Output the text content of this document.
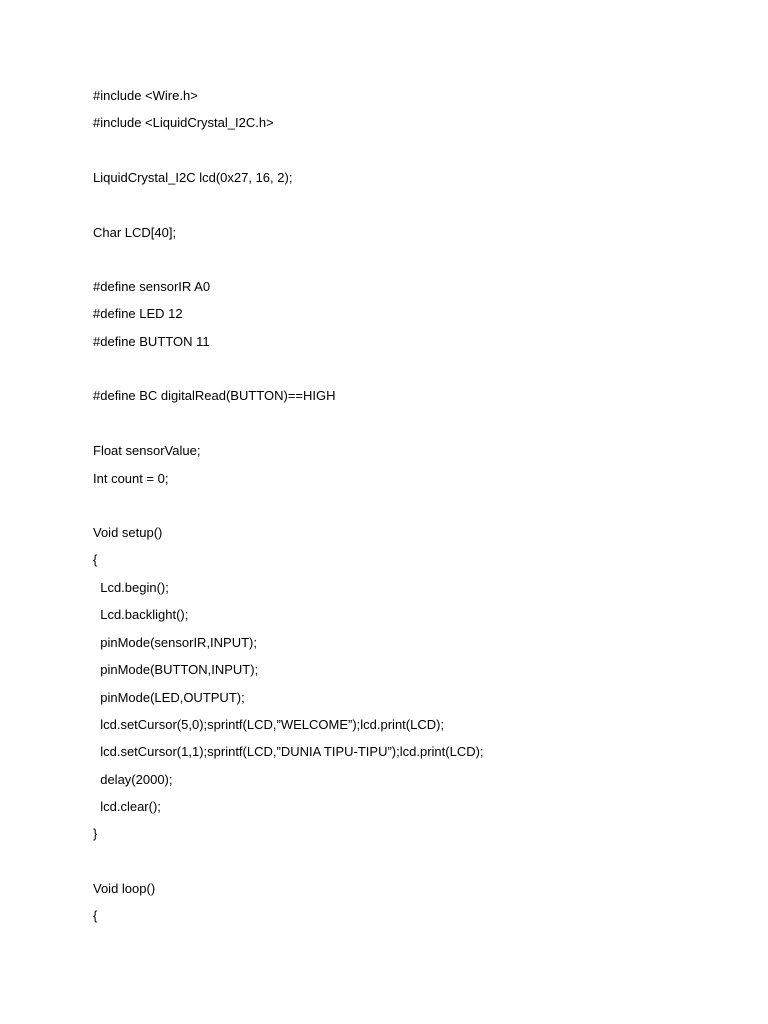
#include <Wire.h>

#include <LiquidCrystal_I2C.h>

LiquidCrystal_I2C lcd(0x27, 16, 2);

Char LCD[40];

#define sensorIR A0

#define LED 12

#define BUTTON 11

#define BC digitalRead(BUTTON)==HIGH

Float sensorValue;

Int count = 0;

Void setup()

{

Lcd.begin();

Lcd.backlight();

pinMode(sensorIR,INPUT);

pinMode(BUTTON,INPUT);

pinMode(LED,OUTPUT);

lcd.setCursor(5,0);sprintf(LCD,”WELCOME”);lcd.print(LCD);

lcd.setCursor(1,1);sprintf(LCD,”DUNIA TIPU-TIPU”);lcd.print(LCD);

delay(2000);

lcd.clear();

}

Void loop()

{
